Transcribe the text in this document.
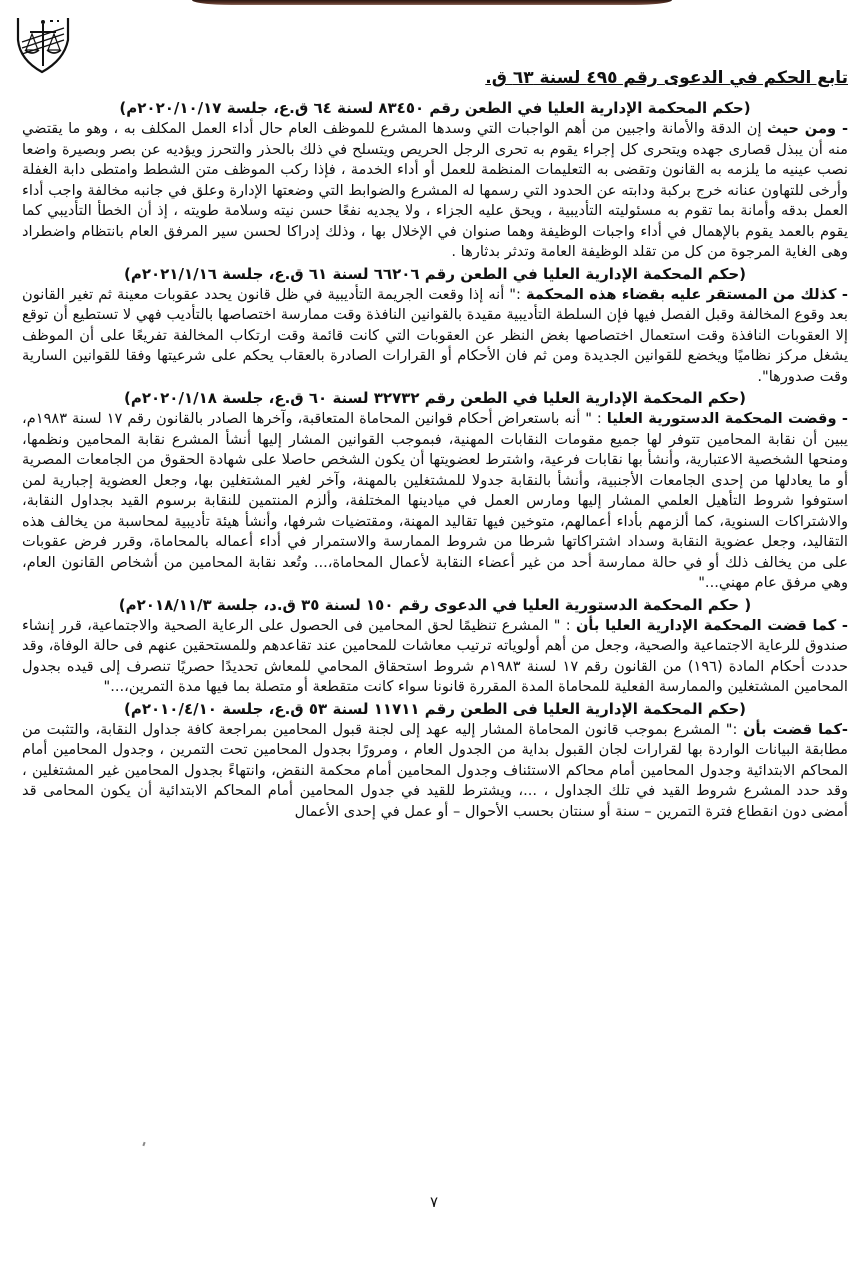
تابع الحكم في الدعوى رقم ٤٩٥ لسنة ٦٣ ق.
(حكم المحكمة الإدارية العليا في الطعن رقم ٨٣٤٥٠ لسنة ٦٤ ق.ع، جلسة ٢٠٢٠/١٠/١٧م)

- ومن حيث إن الدقة والأمانة واجبين من أهم الواجبات التي وسدها المشرع للموظف العام حال أداء العمل المكلف به ، وهو ما يقتضي منه أن يبذل قصارى جهده ويتحرى كل إجراء يقوم به تحرى الرجل الحريص ويتسلح في ذلك بالحذر والتحرز ويؤديه عن بصر وبصيرة واضعا نصب عينيه ما يلزمه به القانون وتقضى به التعليمات المنظمة للعمل أو أداء الخدمة ، فإذا ركب الموظف متن الشطط وامتطى دابة الغفلة وأرخى للتهاون عنانه خرج بركبة ودابته عن الحدود التي رسمها له المشرع والضوابط التي وضعتها الإدارة وعلق في جانبه مخالفة واجب أداء العمل بدقه وأمانة بما تقوم به مسئوليته التأديبية ، ويحق عليه الجزاء ، ولا يجديه نفعًا حسن نيته وسلامة طويته ، إذ أن الخطأ التأديبي كما يقوم بالعمد يقوم بالإهمال في أداء واجبات الوظيفة وهما صنوان في الإخلال بها ، وذلك إدراكا لحسن سير المرفق العام بانتظام واضطراد وهى الغاية المرجوة من كل من تقلد الوظيفة العامة وتدثر بدثارها .

(حكم المحكمة الإدارية العليا في الطعن رقم ٦٦٢٠٦ لسنة ٦١ ق.ع، جلسة ٢٠٢١/١/١٦م)

- كذلك من المستقر عليه بقضاء هذه المحكمة :" أنه إذا وقعت الجريمة التأديبية في ظل قانون يحدد عقوبات معينة ثم تغير القانون بعد وقوع المخالفة وقبل الفصل فيها فإن السلطة التأديبية مقيدة بالقوانين النافذة وقت ممارسة اختصاصها بالتأديب فهي لا تستطيع أن توقع إلا العقوبات النافذة وقت استعمال اختصاصها بغض النظر عن العقوبات التي كانت قائمة وقت ارتكاب المخالفة تفريعًا على أن الموظف يشغل مركز نظاميًا ويخضع للقوانين الجديدة ومن ثم فان الأحكام أو القرارات الصادرة بالعقاب يحكم على شرعيتها وفقا للقوانين السارية وقت صدورها".

(حكم المحكمة الإدارية العليا في الطعن رقم ٣٢٧٣٢ لسنة ٦٠ ق.ع، جلسة ٢٠٢٠/١/١٨م)

- وقضت المحكمة الدستورية العليا : " أنه باستعراض أحكام قوانين المحاماة المتعاقبة، وآخرها الصادر بالقانون رقم ١٧ لسنة ١٩٨٣م، يبين أن نقابة المحامين تتوفر لها جميع مقومات النقابات المهنية، فبموجب القوانين المشار إليها أنشأ المشرع نقابة المحامين ونظمها، ومنحها الشخصية الاعتبارية، وأنشأ بها نقابات فرعية، واشترط لعضويتها أن يكون الشخص حاصلا على شهادة الحقوق من الجامعات المصرية أو ما يعادلها من إحدى الجامعات الأجنبية، وأنشأ بالنقابة جدولا للمشتغلين بالمهنة، وآخر لغير المشتغلين بها، وجعل العضوية إجبارية لمن استوفوا شروط التأهيل العلمي المشار إليها ومارس العمل في ميادينها المختلفة، وألزم المنتمين للنقابة برسوم القيد بجداول النقابة، والاشتراكات السنوية، كما ألزمهم بأداء أعمالهم، متوخين فيها تقاليد المهنة، ومقتضيات شرفها، وأنشأ هيئة تأديبية لمحاسبة من يخالف هذه التقاليد، وجعل عضوية النقابة وسداد اشتراكاتها شرطا من شروط الممارسة والاستمرار في أداء أعماله بالمحاماة، وقرر فرض عقوبات على من يخالف ذلك أو في حالة ممارسة أحد من غير أعضاء النقابة لأعمال المحاماة،... وتُعد نقابة المحامين من أشخاص القانون العام، وهي مرفق عام مهني..."

( حكم المحكمة الدستورية العليا في الدعوى رقم ١٥٠ لسنة ٣٥ ق.د، جلسة ٢٠١٨/١١/٣م)

- كما قضت المحكمة الإدارية العليا بأن : " المشرع تنظيمًا لحق المحامين فى الحصول على الرعاية الصحية والاجتماعية، قرر إنشاء صندوق للرعاية الاجتماعية والصحية، وجعل من أهم أولوياته ترتيب معاشات للمحامين عند تقاعدهم وللمستحقين عنهم فى حالة الوفاة، وقد حددت أحكام المادة (١٩٦) من القانون رقم ١٧ لسنة ١٩٨٣م شروط استحقاق المحامي للمعاش تحديدًا حصريًا تنصرف إلى قيده بجدول المحامين المشتغلين والممارسة الفعلية للمحاماة المدة المقررة قانونا سواء كانت متقطعة أو متصلة بما فيها مدة التمرين،..."

(حكم المحكمة الإدارية العليا فى الطعن رقم ١١٧١١ لسنة ٥٣ ق.ع، جلسة ٢٠١٠/٤/١٠م)

-كما قضت بأن :" المشرع بموجب قانون المحاماة المشار إليه عهد إلى لجنة قبول المحامين بمراجعة كافة جداول النقابة، والتثبت من مطابقة البيانات الواردة بها لقرارات لجان القبول بداية من الجدول العام ، ومرورًا بجدول المحامين تحت التمرين ، وجدول المحامين أمام المحاكم الابتدائية وجدول المحامين أمام محاكم الاستئناف وجدول المحامين أمام محكمة النقض، وانتهاءً بجدول المحامين غير المشتغلين ، وقد حدد المشرع شروط القيد في تلك الجداول ، ...، ويشترط للقيد في جدول المحامين أمام المحاكم الابتدائية أن يكون المحامى قد أمضى دون انقطاع فترة التمرين – سنة أو سنتان بحسب الأحوال – أو عمل في إحدى الأعمال

٧
